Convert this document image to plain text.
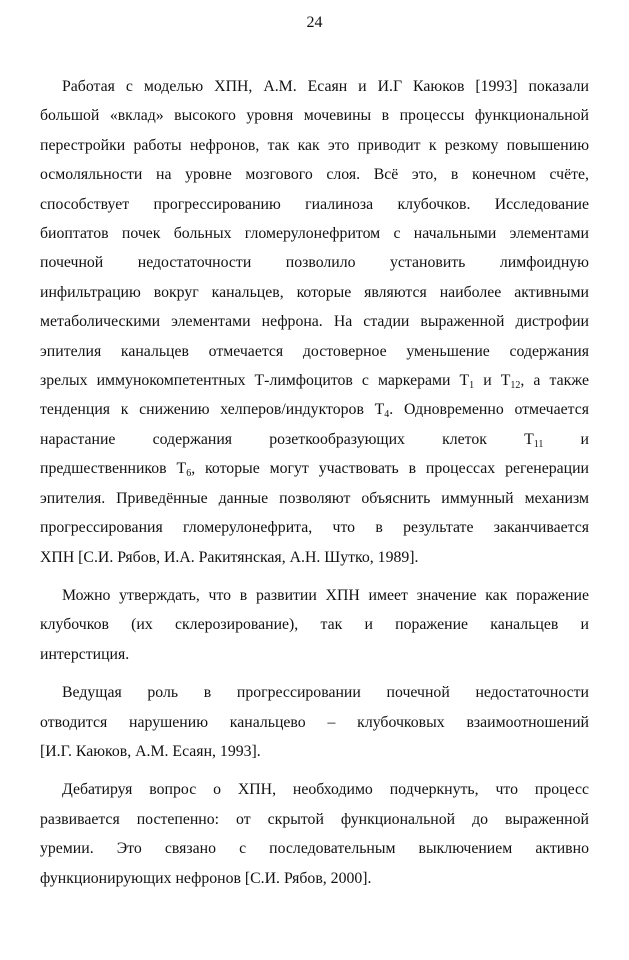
24
Работая с моделью ХПН, А.М. Есаян и И.Г Каюков [1993] показали
большой «вклад» высокого уровня мочевины в процессы функциональной
перестройки работы нефронов, так как это приводит к резкому повышению
осмоляльности на уровне мозгового слоя. Всё это, в конечном счёте,
способствует прогрессированию гиалиноза клубочков. Исследование
биоптатов почек больных гломерулонефритом с начальными элементами
почечной недостаточности позволило установить лимфоидную
инфильтрацию вокруг канальцев, которые являются наиболее активными
метаболическими элементами нефрона. На стадии выраженной дистрофии
эпителия канальцев отмечается достоверное уменьшение содержания
зрелых иммунокомпетентных Т-лимфоцитов с маркерами $Т_1$ и $Т_{12}$, а также
тенденция к снижению хелперов/индукторов $Т_4$. Одновременно отмечается
нарастание содержания розеткообразующих клеток $Т_{11}$ и
предшественников $Т_6$, которые могут участвовать в процессах регенерации
эпителия. Приведённые данные позволяют объяснить иммунный механизм
прогрессирования гломерулонефрита, что в результате заканчивается
ХПН [С.И. Рябов, И.А. Ракитянская, А.Н. Шутко, 1989].
Можно утверждать, что в развитии ХПН имеет значение как поражение
клубочков (их склерозирование), так и поражение канальцев и
интерстиция.
Ведущая роль в прогрессировании почечной недостаточности
отводится нарушению канальцево – клубочковых взаимоотношений
[И.Г. Каюков, А.М. Есаян, 1993].
Дебатируя вопрос о ХПН, необходимо подчеркнуть, что процесс
развивается постепенно: от скрытой функциональной до выраженной
уремии. Это связано с последовательным выключением активно
функционирующих нефронов [С.И. Рябов, 2000].
